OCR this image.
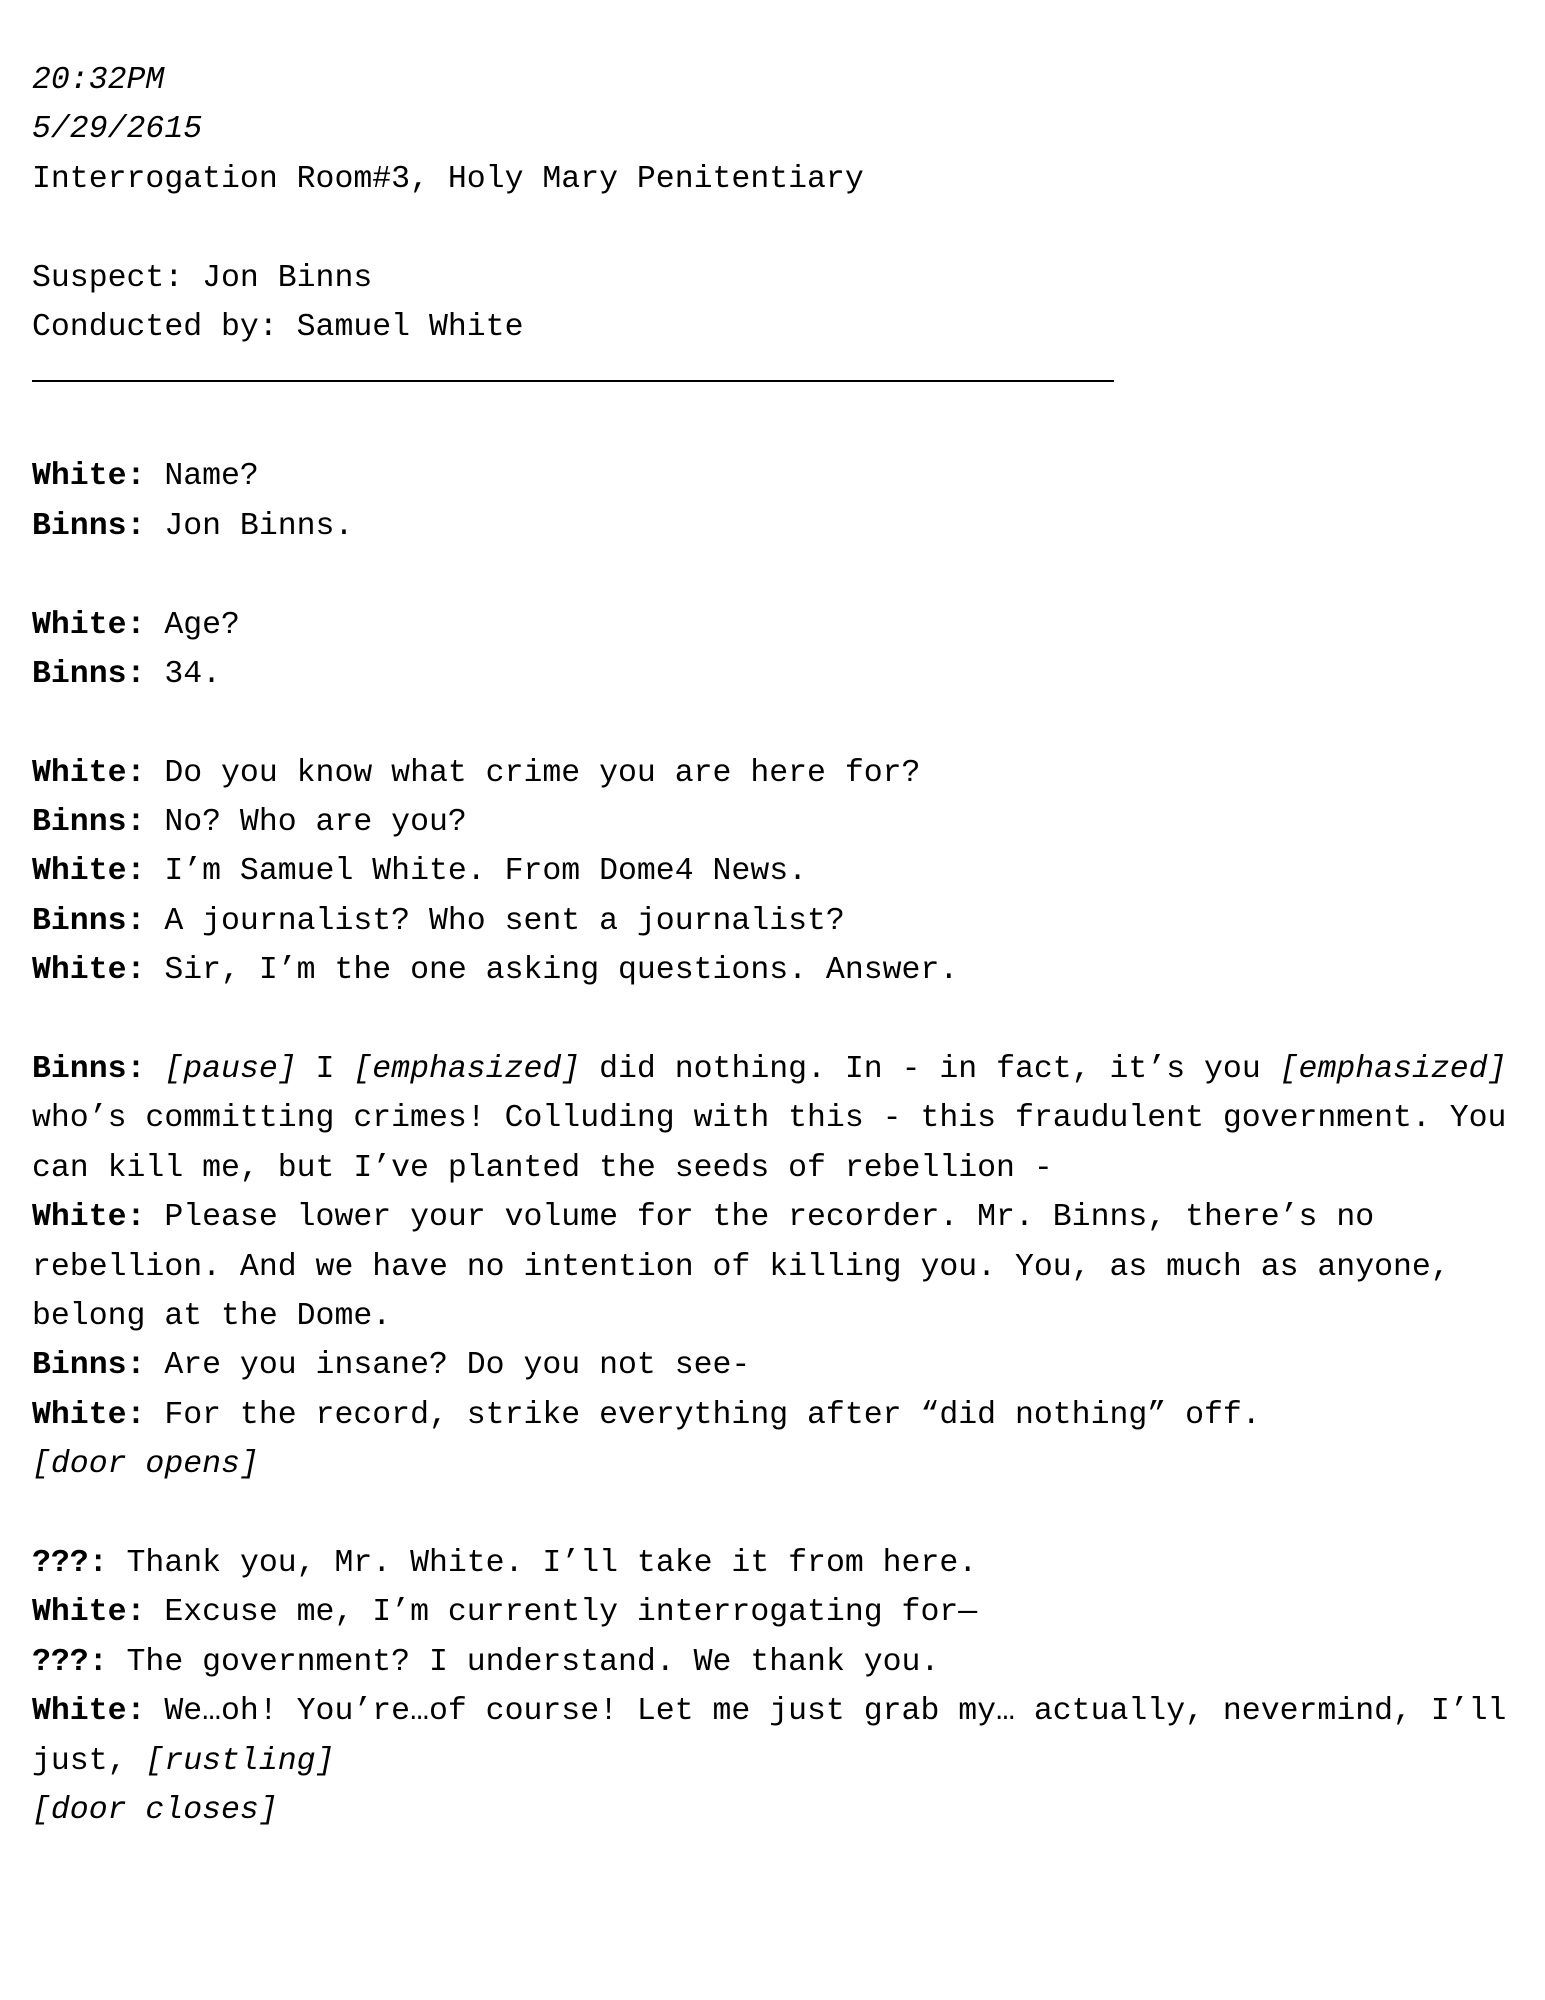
20:32PM
5/29/2615
Interrogation Room#3, Holy Mary Penitentiary
Suspect: Jon Binns
Conducted by: Samuel White
White: Name?
Binns: Jon Binns.
White: Age?
Binns: 34.
White: Do you know what crime you are here for?
Binns: No? Who are you?
White: I’m Samuel White. From Dome4 News.
Binns: A journalist? Who sent a journalist?
White: Sir, I’m the one asking questions. Answer.
Binns: [pause] I [emphasized] did nothing. In - in fact, it’s you [emphasized] who’s committing crimes! Colluding with this - this fraudulent government. You can kill me, but I’ve planted the seeds of rebellion -
White: Please lower your volume for the recorder. Mr. Binns, there’s no rebellion. And we have no intention of killing you. You, as much as anyone, belong at the Dome.
Binns: Are you insane? Do you not see-
White: For the record, strike everything after “did nothing” off.
[door opens]
???: Thank you, Mr. White. I’ll take it from here.
White: Excuse me, I’m currently interrogating for—
???: The government? I understand. We thank you.
White: We…oh! You’re…of course! Let me just grab my… actually, nevermind, I’ll just, [rustling]
[door closes]
